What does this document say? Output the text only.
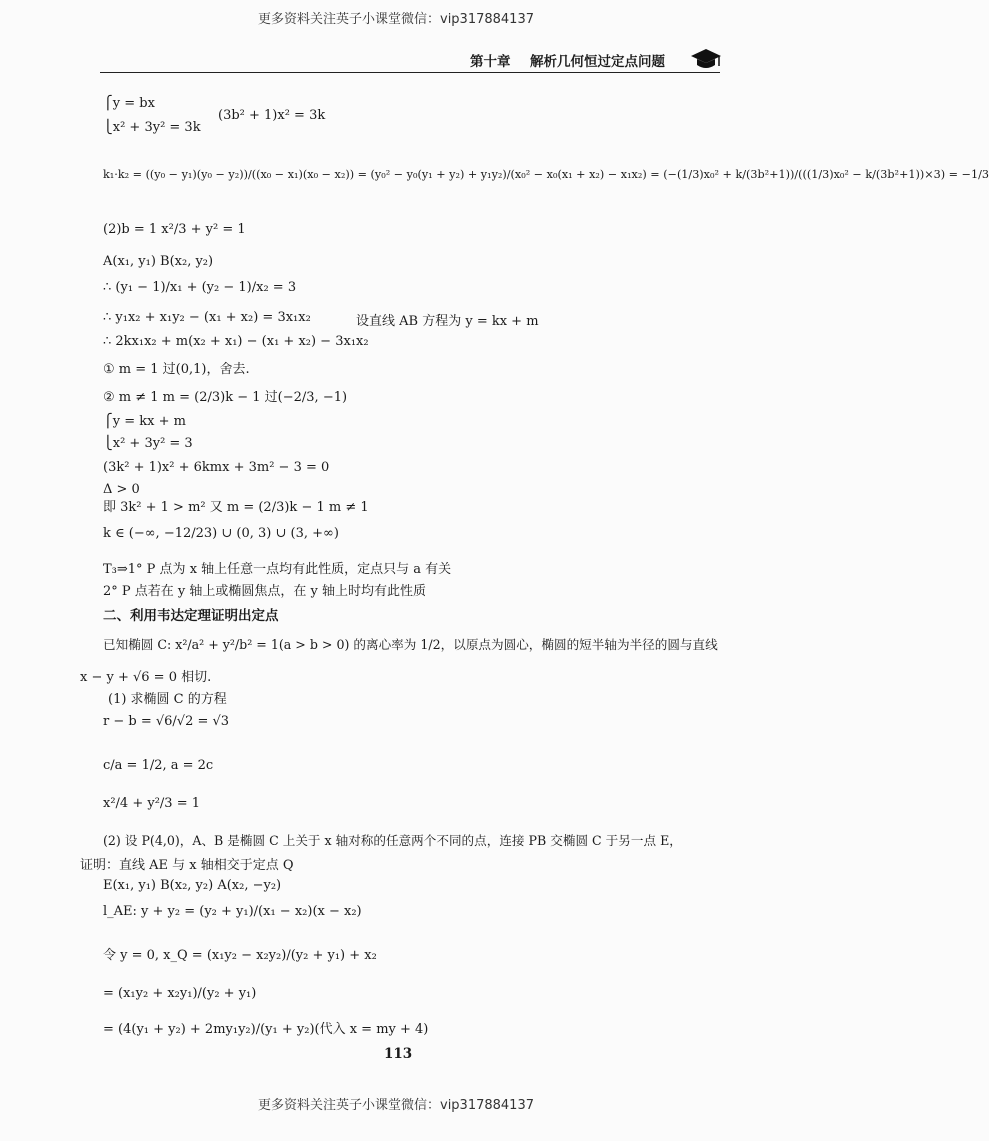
更多资料关注英子小课堂微信：vip317884137
第十章 解析几何恒过定点问题
⎧y = bx
⎩x² + 3y² = 3k
(3b² + 1)x² = 3k
k₁·k₂ = ((y₀ − y₁)(y₀ − y₂))/((x₀ − x₁)(x₀ − x₂)) = (y₀² − y₀(y₁ + y₂) + y₁y₂)/(x₀² − x₀(x₁ + x₂) − x₁x₂) = (−(1/3)x₀² + k/(3b²+1))/(((1/3)x₀² − k/(3b²+1))×3) = −1/3
(2)b = 1 x²/3 + y² = 1
A(x₁, y₁) B(x₂, y₂)
∴ (y₁ − 1)/x₁ + (y₂ − 1)/x₂ = 3
∴ y₁x₂ + x₁y₂ − (x₁ + x₂) = 3x₁x₂	设直线 AB 方程为 y = kx + m
∴ 2kx₁x₂ + m(x₂ + x₁) − (x₁ + x₂) − 3x₁x₂
① m = 1 过(0,1)，舍去.
② m ≠ 1 m = (2/3)k − 1 过(−2/3, −1)
⎧y = kx + m
⎩x² + 3y² = 3
(3k² + 1)x² + 6kmx + 3m² − 3 = 0
Δ > 0
即 3k² + 1 > m² 又 m = (2/3)k − 1 m ≠ 1
k ∈ (−∞, −12/23) ∪ (0, 3) ∪ (3, +∞)
T₃⇒1° P 点为 x 轴上任意一点均有此性质，定点只与 a 有关
2° P 点若在 y 轴上或椭圆焦点，在 y 轴上时均有此性质
二、利用韦达定理证明出定点
已知椭圆 C: x²/a² + y²/b² = 1(a > b > 0) 的离心率为 1/2，以原点为圆心，椭圆的短半轴为半径的圆与直线
x − y + √6 = 0 相切.
(1) 求椭圆 C 的方程
r − b = √6/√2 = √3
c/a = 1/2, a = 2c
x²/4 + y²/3 = 1
(2) 设 P(4,0)，A、B 是椭圆 C 上关于 x 轴对称的任意两个不同的点，连接 PB 交椭圆 C 于另一点 E，
证明：直线 AE 与 x 轴相交于定点 Q
E(x₁, y₁) B(x₂, y₂) A(x₂, −y₂)
l_AE: y + y₂ = (y₂ + y₁)/(x₁ − x₂)(x − x₂)
令 y = 0, x_Q = (x₁y₂ − x₂y₂)/(y₂ + y₁) + x₂
= (x₁y₂ + x₂y₁)/(y₂ + y₁)
= (4(y₁ + y₂) + 2my₁y₂)/(y₁ + y₂)(代入 x = my + 4)
113
更多资料关注英子小课堂微信：vip317884137
